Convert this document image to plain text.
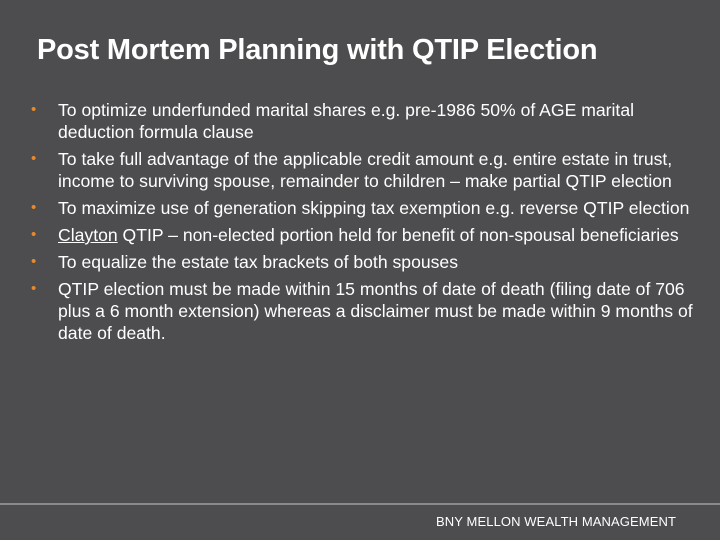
Post Mortem Planning with QTIP Election
• To optimize underfunded marital shares e.g. pre-1986 50% of AGE marital deduction formula clause
• To take full advantage of the applicable credit amount e.g. entire estate in trust, income to surviving spouse, remainder to children – make partial QTIP election
• To maximize use of generation skipping tax exemption e.g. reverse QTIP election
• Clayton QTIP – non-elected portion held for benefit of non-spousal beneficiaries
• To equalize the estate tax brackets of both spouses
• QTIP election must be made within 15 months of date of death (filing date of 706 plus a 6 month extension) whereas a disclaimer must be made within 9 months of date of death.
BNY MELLON WEALTH MANAGEMENT
